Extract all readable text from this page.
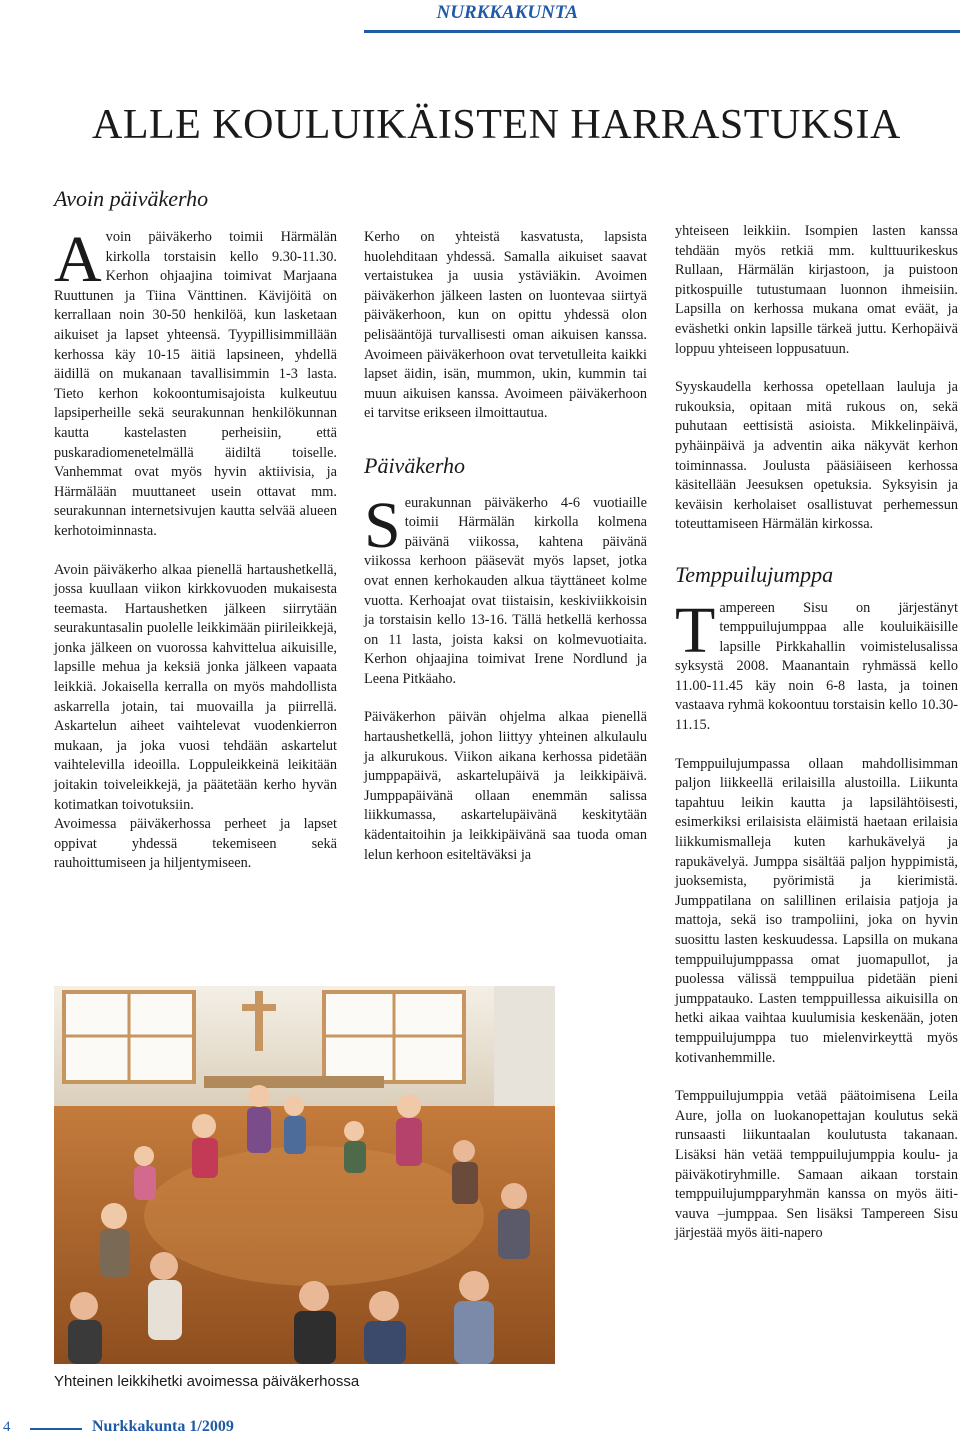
NURKKAKUNTA
ALLE KOULUIKÄISTEN HARRASTUKSIA
Avoin päiväkerho

Avoin päiväkerho toimii Härmälän kirkolla torstaisin kello 9.30-11.30. Kerhon ohjaajina toimivat Marjaana Ruuttunen ja Tiina Vänttinen. Kävijöitä on kerrallaan noin 30-50 henkilöä, kun lasketaan aikuiset ja lapset yhteensä. Tyypillisimmillään kerhossa käy 10-15 äitiä lapsineen, yhdellä äidillä on mukanaan tavallisimmin 1-3 lasta. Tieto kerhon kokoontumisajoista kulkeutuu lapsiperheille sekä seurakunnan henkilökunnan kautta kastelasten perheisiin, että puskaradiomenetelmällä äidiltä toiselle. Vanhemmat ovat myös hyvin aktiivisia, ja Härmälään muuttaneet usein ottavat mm. seurakunnan internetsivujen kautta selvää alueen kerhotoiminnasta.

Avoin päiväkerho alkaa pienellä hartaushetkellä, jossa kuullaan viikon kirkkovuoden mukaisesta teemasta. Hartaushetken jälkeen siirrytään seurakuntasalin puolelle leikkimään piirileikkejä, jonka jälkeen on vuorossa kahvittelua aikuisille, lapsille mehua ja keksiä jonka jälkeen vapaata leikkiä. Jokaisella kerralla on myös mahdollista askarrella jotain, tai muovailla ja piirrellä. Askartelun aiheet vaihtelevat vuodenkierron mukaan, ja joka vuosi tehdään askartelut vaihtelevilla ideoilla. Loppuleikkeinä leikitään joitakin toiveleikkejä, ja päätetään kerho hyvän kotimatkan toivotuksiin.

Avoimessa päiväkerhossa perheet ja lapset oppivat yhdessä tekemiseen sekä rauhoittumiseen ja hiljentymiseen.

Kerho on yhteistä kasvatusta, lapsista huolehditaan yhdessä. Samalla aikuiset saavat vertaistukea ja uusia ystäviäkin. Avoimen päiväkerhon jälkeen lasten on luontevaa siirtyä päiväkerhoon, kun on opittu yhdessä olon pelisääntöjä turvallisesti oman aikuisen kanssa. Avoimeen päiväkerhoon ovat tervetulleita kaikki lapset äidin, isän, mummon, ukin, kummin tai muun aikuisen kanssa. Avoimeen päiväkerhoon ei tarvitse erikseen ilmoittautua.

Päiväkerho

Seurakunnan päiväkerho 4-6 vuotiaille toimii Härmälän kirkolla kolmena päivänä viikossa, kahtena päivänä viikossa kerhoon pääsevät myös lapset, jotka ovat ennen kerhokauden alkua täyttäneet kolme vuotta. Kerhoajat ovat tiistaisin, keskiviikkoisin ja torstaisin kello 13-16. Tällä hetkellä kerhossa on 11 lasta, joista kaksi on kolmevuotiaita. Kerhon ohjaajina toimivat Irene Nordlund ja Leena Pitkäaho.

Päiväkerhon päivän ohjelma alkaa pienellä hartaushetkellä, johon liittyy yhteinen alkulaulu ja alkurukous. Viikon aikana kerhossa pidetään jumppapäivä, askartelupäivä ja leikkipäivä. Jumppapäivänä ollaan enemmän salissa liikkumassa, askartelupäivänä keskitytään kädentaitoihin ja leikkipäivänä saa tuoda oman lelun kerhoon esiteltäväksi ja

yhteiseen leikkiin. Isompien lasten kanssa tehdään myös retkiä mm. kulttuurikeskus Rullaan, Härmälän kirjastoon, ja puistoon pitkospuille tutustumaan luonnon ihmeisiin. Lapsilla on kerhossa mukana omat eväät, ja eväshetki onkin lapsille tärkeä juttu. Kerhopäivä loppuu yhteiseen loppusatuun.

Syyskaudella kerhossa opetellaan lauluja ja rukouksia, opitaan mitä rukous on, sekä puhutaan eettisistä asioista. Mikkelinpäivä, pyhäinpäivä ja adventin aika näkyvät kerhon toiminnassa. Joulusta pääsiäiseen kerhossa käsitellään Jeesuksen opetuksia. Syksyisin ja keväisin kerholaiset osallistuvat perhemessun toteuttamiseen Härmälän kirkossa.

Temppuilujumppa

Tampereen Sisu on järjestänyt temppuilujumppaa alle kouluikäisille lapsille Pirkkahallin voimistelusalissa syksystä 2008. Maanantain ryhmässä kello 11.00-11.45 käy noin 6-8 lasta, ja toinen vastaava ryhmä kokoontuu torstaisin kello 10.30-11.15.

Temppuilujumpassa ollaan mahdollisimman paljon liikkeellä erilaisilla alustoilla. Liikunta tapahtuu leikin kautta ja lapsilähtöisesti, esimerkiksi erilaisista eläimistä haetaan erilaisia liikkumismalleja kuten karhukävelyä ja rapukävelyä. Jumppa sisältää paljon hyppimistä, juoksemista, pyörimistä ja kierimistä. Jumppatilana on salillinen erilaisia patjoja ja mattoja, sekä iso trampoliini, joka on hyvin suosittu lasten keskuudessa. Lapsilla on mukana temppuilujumppassa omat juomapullot, ja puolessa välissä temppuilua pidetään pieni jumppatauko. Lasten temppuillessa aikuisilla on hetki aikaa vaihtaa kuulumisia keskenään, joten temppuilujumppa tuo mielenvirkeyttä myös kotivanhemmille.

Temppuilujumppia vetää päätoimisena Leila Aure, jolla on luokanopettajan koulutus sekä runsaasti liikuntaalan koulutusta takanaan. Lisäksi hän vetää temppuilujumppia koulu- ja päiväkotiryhmille. Samaan aikaan torstain temppuilujumpparyhmän kanssa on myös äiti-vauva –jumppaa. Sen lisäksi Tampereen Sisu järjestää myös äiti-napero

Yhteinen leikkihetki avoimessa päiväkerhossa
4	Nurkkakunta 1/2009
